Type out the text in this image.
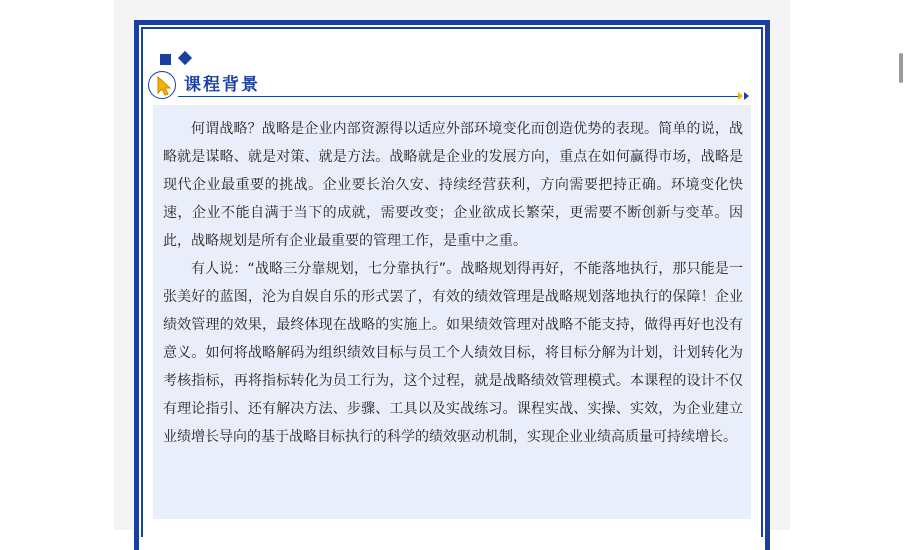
课程背景

何谓战略？战略是企业内部资源得以适应外部环境变化而创造优势的表现。简单的说，战略就是谋略、就是对策、就是方法。战略就是企业的发展方向，重点在如何赢得市场，战略是现代企业最重要的挑战。企业要长治久安、持续经营获利，方向需要把持正确。环境变化快速，企业不能自满于当下的成就，需要改变；企业欲成长繁荣，更需要不断创新与变革。因此，战略规划是所有企业最重要的管理工作，是重中之重。

有人说：“战略三分靠规划，七分靠执行”。战略规划得再好，不能落地执行，那只能是一张美好的蓝图，沦为自娱自乐的形式罢了，有效的绩效管理是战略规划落地执行的保障！企业绩效管理的效果，最终体现在战略的实施上。如果绩效管理对战略不能支持，做得再好也没有意义。如何将战略解码为组织绩效目标与员工个人绩效目标，将目标分解为计划，计划转化为考核指标，再将指标转化为员工行为，这个过程，就是战略绩效管理模式。本课程的设计不仅有理论指引、还有解决方法、步骤、工具以及实战练习。课程实战、实操、实效，为企业建立业绩增长导向的基于战略目标执行的科学的绩效驱动机制，实现企业业绩高质量可持续增长。
